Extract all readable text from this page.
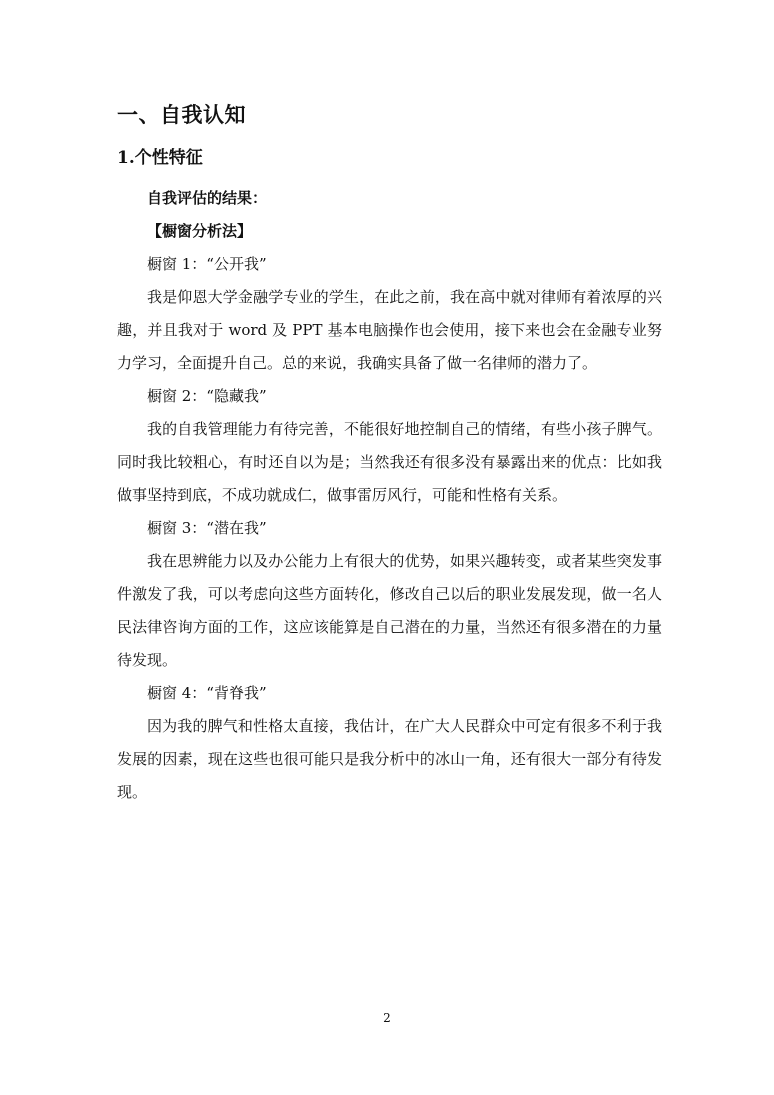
一、自我认知
1.个性特征

自我评估的结果：

【橱窗分析法】

橱窗 1：“公开我”

我是仰恩大学金融学专业的学生，在此之前，我在高中就对律师有着浓厚的兴趣，并且我对于 word 及 PPT 基本电脑操作也会使用，接下来也会在金融专业努力学习，全面提升自己。总的来说，我确实具备了做一名律师的潜力了。

橱窗 2：“隐藏我”

我的自我管理能力有待完善，不能很好地控制自己的情绪，有些小孩子脾气。同时我比较粗心，有时还自以为是；当然我还有很多没有暴露出来的优点：比如我做事坚持到底，不成功就成仁，做事雷厉风行，可能和性格有关系。

橱窗 3：“潜在我”

我在思辨能力以及办公能力上有很大的优势，如果兴趣转变，或者某些突发事件激发了我，可以考虑向这些方面转化，修改自己以后的职业发展发现，做一名人民法律咨询方面的工作，这应该能算是自己潜在的力量，当然还有很多潜在的力量待发现。

橱窗 4：“背脊我”

因为我的脾气和性格太直接，我估计，在广大人民群众中可定有很多不利于我发展的因素，现在这些也很可能只是我分析中的冰山一角，还有很大一部分有待发现。

2
